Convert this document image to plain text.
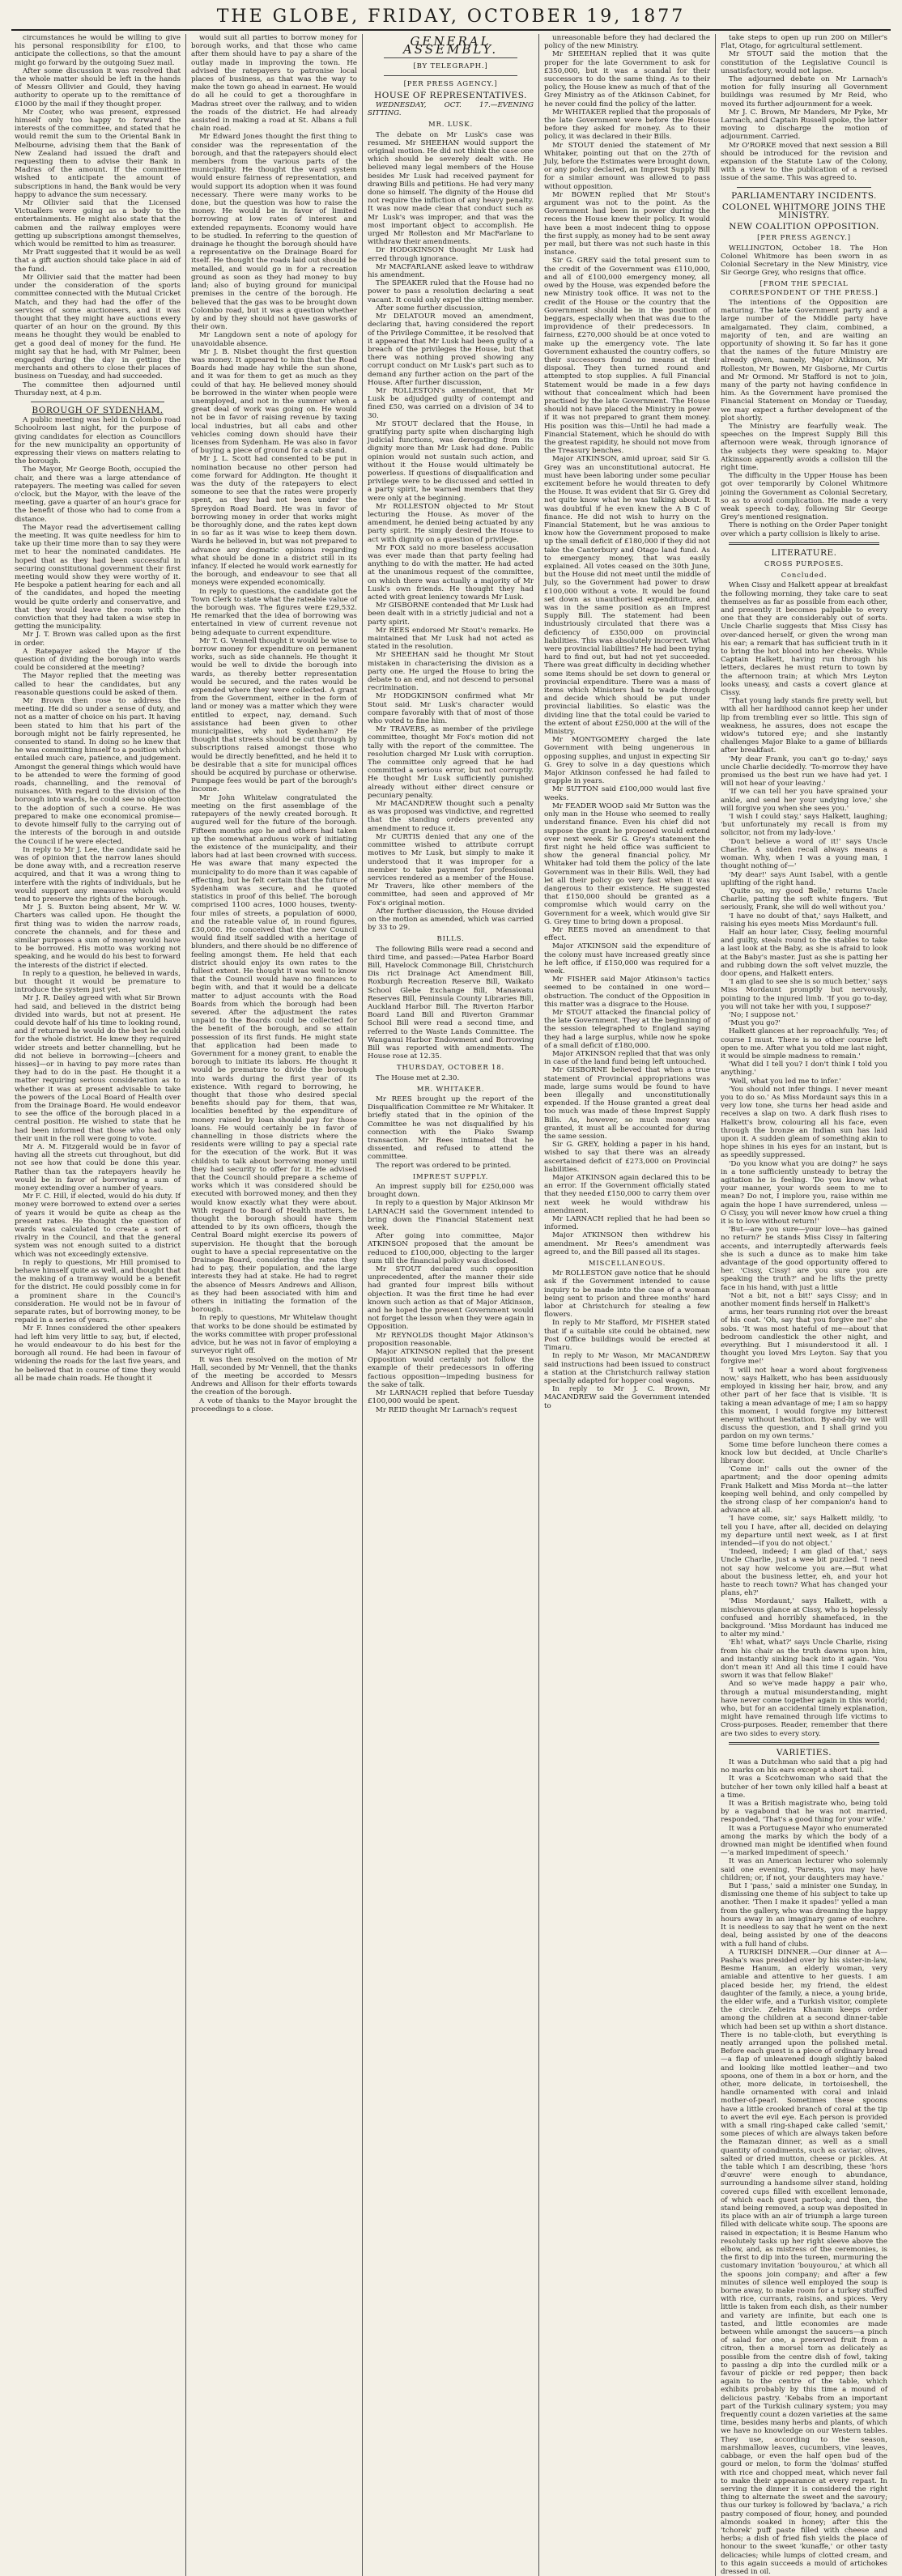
THE GLOBE, FRIDAY, OCTOBER 19, 1877

circumstances he would be willing to give his personal responsibility for £100, to anticipate the collections, so that the amount might go forward by the outgoing Suez mail.

After some discussion it was resolved that the whole matter should be left in the hands of Messrs Ollivier and Gould, they having authority to operate up to the remittance of £1000 by the mail if they thought proper.

Mr Coster, who was present, expressed himself only too happy to forward the interests of the committee, and stated that he would remit the sum to the Oriental Bank in Melbourne, advising them that the Bank of New Zealand had issued the draft and requesting them to advise their Bank in Madras of the amount. If the committee wished to anticipate the amount of subscriptions in hand, the Bank would be very happy to advance the sum necessary.

Mr Ollivier said that the Licensed Victuallers were going as a body to the entertainments. He might also state that the cabmen and the railway employes were getting up subscriptions amongst themselves, which would be remitted to him as treasurer.

Mr Pratt suggested that it would be as well that a gift auction should take place in aid of the fund.

Mr Ollivier said that the matter had been under the consideration of the sports committee connected with the Mutual Cricket Match, and they had had the offer of the services of some auctioneers, and it was thought that they might have auctions every quarter of an hour on the ground. By this means he thought they would be enabled to get a good deal of money for the fund. He might say that he had, with Mr Palmer, been engaged during the day in getting the merchants and others to close their places of business on Tuesday, and had succeeded.

The committee then adjourned until Thursday next, at 4 p.m.

BOROUGH OF SYDENHAM.

A public meeting was held in Colombo road Schoolroom last night, for the purpose of giving candidates for election as Councillors for the new municipality an opportunity of expressing their views on matters relating to the borough.

The Mayor, Mr George Booth, occupied the chair, and there was a large attendance of ratepayers. The meeting was called for seven o'clock, but the Mayor, with the leave of the meeting, gave a quarter of an hour's grace for the benefit of those who had to come from a distance.

The Mayor read the advertisement calling the meeting. It was quite needless for him to take up their time more than to say they were met to hear the nominated candidates. He hoped that as they had been successful in securing constitutional government their first meeting would show they were worthy of it. He bespoke a patient hearing for each and all of the candidates, and hoped the meeting would be quite orderly and conservative, and that they would leave the room with the conviction that they had taken a wise step in getting the municipality.

Mr J. T. Brown was called upon as the first in order.

A Ratepayer asked the Mayor if the question of dividing the borough into wards could be considered at the meeting?

The Mayor replied that the meeting was called to hear the candidates, but any reasonable questions could be asked of them.

Mr Brown then rose to address the meeting. He did so under a sense of duty, and not as a matter of choice on his part. It having been stated to him that his part of the borough might not be fairly represented, he consented to stand. In doing so he knew that he was committing himself to a position which entailed much care, patience, and judgement. Amongst the general things which would have to be attended to were the forming of good roads, channelling, and the removal of nuisances. With regard to the division of the borough into wards, he could see no objection to the adoption of such a course. He was prepared to make one economical promise—to devote himself fully to the carrying out of the interests of the borough in and outside the Council if he were elected.

In reply to Mr J. Lee, the candidate said he was of opinion that the narrow lanes should be done away with, and a recreation reserve acquired, and that it was a wrong thing to interfere with the rights of individuals, but he would support any measures which would tend to preserve the rights of the borough.

Mr J. S. Buxton being absent, Mr W. W. Charters was called upon. He thought the first thing was to widen the narrow roads, concrete the channels, and for these and similar purposes a sum of money would have to be borrowed. His motto was working not speaking, and he would do his best to forward the interests of the district if elected.

In reply to a question, he believed in wards, but thought it would be premature to introduce the system just yet.

Mr J. R. Dailey agreed with what Sir Brown had said, and believed in the district being divided into wards, but not at present. He could devote half of his time to looking round, and if returned he would do the best he could for the whole district. He knew they required wider streets and better channelling, but he did not believe in borrowing—[cheers and hisses]—or in having to pay more rates than they had to do in the past. He thought it a matter requiring serious consideration as to whether it was at present advisable to take the powers of the Local Board of Health over from the Drainage Board. He would endeavor to see the office of the borough placed in a central position. He wished to state that he had been informed that those who had only their unit in the roll were going to vote.

Mr A. M. Fitzgerald would be in favor of having all the streets cut throughout, but did not see how that could be done this year. Rather than tax the ratepayers heavily he would be in favor of borrowing a sum of money extending over a number of years.

Mr F. C. Hill, if elected, would do his duty. If money were borrowed to extend over a series of years it would be quite as cheap as the present rates. He thought the question of wards was calculated to create a sort of rivalry in the Council, and that the general system was not enough suited to a district which was not exceedingly extensive.

In reply to questions, Mr Hill promised to behave himself quite as well, and thought that the making of a tramway would be a benefit for the district. He could possibly come in for a prominent share in the Council's consideration. He would not be in favour of separate rates, but of borrowing money, to be repaid in a series of years.

Mr F. Innes considered the other speakers had left him very little to say, but, if elected, he would endeavour to do his best for the borough all round. He had been in favour of widening the roads for the last five years, and he believed that in course of time they would all be made chain roads. He thought it

would suit all parties to borrow money for borough works, and that those who came after them should have to pay a share of the outlay made in improving the town. He advised the ratepayers to patronise local places of business, as that was the way to make the town go ahead in earnest. He would do all he could to get a thoroughfare in Madras street over the railway, and to widen the roads of the district. He had already assisted in making a road at St. Albans a full chain road.

Mr Edward Jones thought the first thing to consider was the representation of the borough, and that the ratepayers should elect members from the various parts of the municipality. He thought the ward system would ensure fairness of representation, and would support its adoption when it was found necessary. There were many works to be done, but the question was how to raise the money. He would be in favor of limited borrowing at low rates of interest and extended repayments. Economy would have to be studied. In referring to the question of drainage he thought the borough should have a representative on the Drainage Board for itself. He thought the roads laid out should be metalled, and would go in for a recreation ground as soon as they had money to buy land; also of buying ground for municipal premises in the centre of the borough. He believed that the gas was to be brought down Colombo road, but it was a question whether by and by they should not have gasworks of their own.

Mr Langdown sent a note of apology for unavoidable absence.

Mr J. B. Nisbet thought the first question was money. It appeared to him that the Road Boards had made hay while the sun shone, and it was for them to get as much as they could of that hay. He believed money should be borrowed in the winter when people were unemployed, and not in the summer when a great deal of work was going on. He would not be in favor of raising revenue by taxing local industries, but all cabs and other vehicles coming down should have their licenses from Sydenham. He was also in favor of buying a piece of ground for a cab stand.

Mr J. L. Scott had consented to be put in nomination because no other person had come forward for Addington. He thought it was the duty of the ratepayers to elect someone to see that the rates were properly spent, as they had not been under the Spreydon Road Board. He was in favor of borrowing money in order that works might be thoroughly done, and the rates kept down in so far as it was wise to keep them down. Wards he believed in, but was not prepared to advance any dogmatic opinions regarding what should be done in a district still in its infancy. If elected he would work earnestly for the borough, and endeavour to see that all moneys were expended economically.

In reply to questions, the candidate got the Town Clerk to state what the rateable value of the borough was. The figures were £29,532. He remarked that the idea of borrowing was entertained in view of current revenue not being adequate to current expenditure.

Mr T. G. Vennell thought it would be wise to borrow money for expenditure on permanent works, such as side channels. He thought it would be well to divide the borough into wards, as thereby better representation would be secured, and the rates would be expended where they were collected. A grant from the Government, either in the form of land or money was a matter which they were entitled to expect, nay, demand. Such assistance had been given to other municipalities, why not Sydenham? He thought that streets should be cut through by subscriptions raised amongst those who would be directly benefitted, and he held it to be desirable that a site for municipal offices should be acquired by purchase or otherwise. Pumpage fees would be part of the borough's income.

Mr John Whitelaw congratulated the meeting on the first assemblage of the ratepayers of the newly created borough. It augured well for the future of the borough. Fifteen months ago he and others had taken up the somewhat arduous work of initiating the existence of the municipality, and their labors had at last been crowned with success. He was aware that many expected the municipality to do more than it was capable of effecting, but he felt certain that the future of Sydenham was secure, and he quoted statistics in proof of this belief. The borough comprised 1100 acres, 1000 houses, twenty-four miles of streets, a population of 6000, and the rateable value of, in round figures, £30,000. He conceived that the new Council would find itself saddled with a heritage of blunders, and there should be no difference of feeling amongst them. He held that each district should enjoy its own rates to the fullest extent. He thought it was well to know that the Council would have no finances to begin with, and that it would be a delicate matter to adjust accounts with the Road Boards from which the borough had been severed. After the adjustment the rates unpaid to the Boards could be collected for the benefit of the borough, and so attain possession of its first funds. He might state that application had been made to Government for a money grant, to enable the borough to initiate its labors. He thought it would be premature to divide the borough into wards during the first year of its existence. With regard to borrowing, he thought that those who desired special benefits should pay for them, that was, localities benefited by the expenditure of money raised by loan should pay for those loans. He would certainly be in favor of channelling in those districts where the residents were willing to pay a special rate for the execution of the work. But it was childish to talk about borrowing money until they had security to offer for it. He advised that the Council should prepare a scheme of works which it was considered should be executed with borrowed money, and then they would know exactly what they were about. With regard to Board of Health matters, he thought the borough should have them attended to by its own officers, though the Central Board might exercise its powers of supervision. He thought that the borough ought to have a special representative on the Drainage Board, considering the rates they had to pay, their population, and the large interests they had at stake. He had to regret the absence of Messrs Andrews and Allison, as they had been associated with him and others in initiating the formation of the borough.

In reply to questions, Mr Whitelaw thought that works to be done should be estimated by the works committee with proper professional advice, but he was not in favor of employing a surveyor right off.

It was then resolved on the motion of Mr Hall, seconded by Mr Vennell, that the thanks of the meeting be accorded to Messrs Andrews and Allison for their efforts towards the creation of the borough.

A vote of thanks to the Mayor brought the proceedings to a close.

GENERAL ASSEMBLY.

[BY TELEGRAPH.]

[PER PRESS AGENCY.]

HOUSE OF REPRESENTATIVES.

WEDNESDAY, OCT. 17.—EVENING SITTING.

MR. LUSK.

The debate on Mr Lusk's case was resumed. Mr SHEEHAN would support the original motion. He did not think the case one which should be severely dealt with. He believed many legal members of the House besides Mr Lusk had received payment for drawing Bills and petitions. He had very many done so himself. The dignity of the House did not require the infliction of any heavy penalty. It was now made clear that conduct such as Mr Lusk's was improper, and that was the most important object to accomplish. He urged Mr Rolleston and Mr MacFarlane to withdraw their amendments.

Dr HODGKINSON thought Mr Lusk had erred through ignorance.

Mr MACFARLANE asked leave to withdraw his amendment.

The SPEAKER ruled that the House had no power to pass a resolution declaring a seat vacant. It could only expel the sitting member.

After some further discussion,

Mr DELATOUR moved an amendment, declaring that, having considered the report of the Privilege Committee, it be resolved that it appeared that Mr Lusk had been guilty of a breach of the privileges the House, but that there was nothing proved showing any corrupt conduct on Mr Lusk's part such as to demand any further action on the part of the House. After further discussion,

Mr ROLLESTON's amendment, that Mr Lusk be adjudged guilty of contempt and fined £50, was carried on a division of 34 to 30.

Mr STOUT declared that the House, in gratifying party spite when discharging high judicial functions, was derogating from its dignity more than Mr Lusk had done. Public opinion would not sustain such action, and without it the House would ultimately be powerless. If questions of disqualification and privilege were to be discussed and settled in a party spirit, he warned members that they were only at the beginning.

Mr ROLLESTON objected to Mr Stout lecturing the House. As mover of the amendment, he denied being actuated by any party spirit. He simply desired the House to act with dignity on a question of privilege.

Mr FOX said no more baseless accusation was ever made than that party feeling had anything to do with the matter. He had acted at the unanimous request of the committee, on which there was actually a majority of Mr Lusk's own friends. He thought they had acted with great leniency towards Mr Lusk.

Mr GISBORNE contended that Mr Lusk had been dealt with in a strictly judicial and not a party spirit.

Mr REES endorsed Mr Stout's remarks. He maintained that Mr Lusk had not acted as stated in the resolution.

Mr SHEEHAN said he thought Mr Stout mistaken in characterising the division as a party one. He urged the House to bring the debate to an end, and not descend to personal recrimination.

Mr HODGKINSON confirmed what Mr Stout said. Mr Lusk's character would compare favorably with that of most of those who voted to fine him.

Mr TRAVERS, as member of the privilege committee, thought Mr Fox's motion did not tally with the report of the committee. The resolution charged Mr Lusk with corruption. The committee only agreed that he had committed a serious error, but not corruptly. He thought Mr Lusk sufficiently punished already without either direct censure or pecuniary penalty.

Mr MACANDREW thought such a penalty as was proposed was vindictive, and regretted that the standing orders prevented any amendment to reduce it.

Mr CURTIS denied that any one of the committee wished to attribute corrupt motives to Mr Lusk, but simply to make it understood that it was improper for a member to take payment for professional services rendered as a member of the House. Mr Travers, like other members of the committee, had seen and approved of Mr Fox's original motion.

After further discussion, the House divided on the motion as amended, which was carried by 33 to 29.

BILLS.

The following Bills were read a second and third time, and passed:—Patea Harbor Board Bill, Havelock Commonage Bill, Christchurch Dis rict Drainage Act Amendment Bill, Roxburgh Recreation Reserve Bill, Waikato School Glebe Exchange Bill, Manawatu Reserves Bill, Peninsula County Libraries Bill, Auckland Harbor Bill. The Riverton Harbor Board Land Bill and Riverton Grammar School Bill were read a second time, and referred to the Waste Lands Committee. The Wanganui Harbor Endowment and Borrowing Bill was reported with amendments. The House rose at 12.35.

THURSDAY, OCTOBER 18.

The House met at 2.30.

MR. WHITAKER.

Mr REES brought up the report of the Disqualification Committee re Mr Whitaker. It briefly stated that in the opinion of the Committee he was not disqualified by his connection with the Piako Swamp transaction. Mr Rees intimated that he dissented, and refused to attend the committee.

The report was ordered to be printed.

IMPREST SUPPLY.

An imprest supply bill for £250,000 was brought down.

In reply to a question by Major Atkinson Mr LARNACH said the Government intended to bring down the Financial Statement next week.

After going into committee, Major ATKINSON proposed that the amount be reduced to £100,000, objecting to the larger sum till the financial policy was disclosed.

Mr STOUT declared such opposition unprecedented, after the manner their side had granted four imprest bills without objection. It was the first time he had ever known such action as that of Major Atkinson, and he hoped the present Government would not forget the lesson when they were again in Opposition.

Mr REYNOLDS thought Major Atkinson's proposition reasonable.

Major ATKINSON replied that the present Opposition would certainly not follow the example of their predecessors in offering factious opposition—impeding business for the sake of talk.

Mr LARNACH replied that before Tuesday £100,000 would be spent.

Mr REID thought Mr Larnach's request

unreasonable before they had declared the policy of the new Ministry.

Mr SHEEHAN replied that it was quite proper for the late Government to ask for £350,000, but it was a scandal for their successors to do the same thing. As to their policy, the House knew as much of that of the Grey Ministry as of the Atkinson Cabinet, for he never could find the policy of the latter.

Mr WHITAKER replied that the proposals of the late Government were before the House before they asked for money. As to their policy, it was declared in their Bills.

Mr STOUT denied the statement of Mr Whitaker, pointing out that on the 27th of July, before the Estimates were brought down, or any policy declared, an Imprest Supply Bill for a similar amount was allowed to pass without opposition.

Mr BOWEN replied that Mr Stout's argument was not to the point. As the Government had been in power during the recess the House knew their policy. It would have been a most indecent thing to oppose the first supply, as money had to be sent away per mail, but there was not such haste in this instance.

Sir G. GREY said the total present sum to the credit of the Government was £110,000, and all of £100,000 emergency money, all owed by the House, was expended before the new Ministry took office. It was not to the credit of the House or the country that the Government should be in the position of beggars, especially when that was due to the improvidence of their predecessors. In fairness, £270,000 should be at once voted to make up the emergency vote. The late Government exhausted the country coffers, so their successors found no means at their disposal. They then turned round and attempted to stop supplies. A full Financial Statement would be made in a few days without that concealment which had been practised by the late Government. The House should not have placed the Ministry in power if it was not prepared to grant them money. His position was this—Until he had made a Financial Statement, which he should do with the greatest rapidity, he should not move from the Treasury benches.

Major ATKINSON, amid uproar, said Sir G. Grey was an unconstitutional autocrat. He must have been laboring under some peculiar excitement before he would threaten to defy the House. It was evident that Sir G. Grey did not quite know what he was talking about. It was doubtful if he even knew the A B C of finance. He did not wish to hurry on the Financial Statement, but he was anxious to know how the Government proposed to make up the small deficit of £180,000 if they did not take the Canterbury and Otago land fund. As to emergency money, that was easily explained. All votes ceased on the 30th June, but the House did not meet until the middle of July, so the Government had power to draw £100,000 without a vote. It would be found set down as unauthorised expenditure, and was in the same position as an Imprest Supply Bill. The statement had been industriously circulated that there was a deficiency of £350,000 on provincial liabilities. This was absolutely incorrect. What were provincial liabilities? He had been trying hard to find out, but had not yet succeeded. There was great difficulty in deciding whether some items should be set down to general or provincial expenditure. There was a mass of items which Ministers had to wade through and decide which should be put under provincial liabilities. So elastic was the dividing line that the total could be varied to the extent of about £250,000 at the will of the Ministry.

Mr MONTGOMERY charged the late Government with being ungenerous in opposing supplies, and unjust in expecting Sir G. Grey to solve in a day questions which Major Atkinson confessed he had failed to grapple in years.

Mr SUTTON said £100,000 would last five weeks.

Mr FEADER WOOD said Mr Sutton was the only man in the House who seemed to really understand finance. Even his chief did not suppose the grant he proposed would extend over next week. Sir G. Grey's statement the first night he held office was sufficient to show the general financial policy. Mr Whitaker had told them the policy of the late Government was in their Bills. Well, they had let all their policy go very fast when it was dangerous to their existence. He suggested that £150,000 should be granted as a compromise which would carry on the Government for a week, which would give Sir G. Grey time to bring down a proposal.

Mr REES moved an amendment to that effect.

Major ATKINSON said the expenditure of the colony must have increased greatly since he left office, if £150,000 was required for a week.

Mr FISHER said Major Atkinson's tactics seemed to be contained in one word—obstruction. The conduct of the Opposition in this matter was a disgrace to the House.

Mr STOUT attacked the financial policy of the late Government. They at the beginning of the session telegraphed to England saying they had a large surplus, while now he spoke of a small deficit of £180,000.

Major ATKINSON replied that that was only in case of the land fund being left untouched.

Mr GISBORNE believed that when a true statement of Provincial appropriations was made, large sums would be found to have been illegally and unconstitutionally expended. If the House granted a great deal too much was made of these Imprest Supply Bills. As, however, so much money was granted, it must all be accounted for during the same session.

Sir G. GREY, holding a paper in his hand, wished to say that there was an already ascertained deficit of £273,000 on Provincial liabilities.

Major ATKINSON again declared this to be an error. If the Government officially stated that they needed £150,000 to carry them over next week he would withdraw his amendment.

Mr LARNACH replied that he had been so informed.

Major ATKINSON then withdrew his amendment. Mr Rees's amendment was agreed to, and the Bill passed all its stages.

MISCELLANEOUS.

Mr ROLLESTON gave notice that he should ask if the Government intended to cause inquiry to be made into the case of a woman being sent to prison and three months' hard labor at Christchurch for stealing a few flowers.

In reply to Mr Stafford, Mr FISHER stated that if a suitable site could be obtained, new Post Office buildings would be erected at Timaru.

In reply to Mr Wason, Mr MACANDREW said instructions had been issued to construct a station at the Christchurch railway station specially adapted for hopper coal wagons.

In reply to Mr J. C. Brown, Mr MACANDREW said the Government intended to

take steps to open up run 200 on Miller's Flat, Otago, for agricultural settlement.

Mr STOUT said the motion that the constitution of the Legislative Council is unsatisfactory, would not lapse.

The adjourned debate on Mr Larnach's motion for fully insuring all Government buildings was resumed by Mr Reid, who moved its further adjournment for a week.

Mr J. C. Brown, Mr Manders, Mr Pyke, Mr Larnach, and Captain Russell spoke, the latter moving to discharge the motion of adjournment. Carried.

Mr O'RORKE moved that next session a Bill should be introduced for the revision and expansion of the Statute Law of the Colony, with a view to the publication of a revised issue of the same. This was agreed to.

PARLIAMENTARY INCIDENTS.

COLONEL WHITMORE JOINS THE MINISTRY.

NEW COALITION OPPOSITION.

[PER PRESS AGENCY.]

WELLINGTON, October 18. The Hon Colonel Whitmore has been sworn in as Colonial Secretary in the New Ministry, vice Sir George Grey, who resigns that office.

[FROM THE SPECIAL CORRESPONDENT OF THE PRESS.]

The intentions of the Opposition are maturing. The late Government party and a large number of the Middle party have amalgamated. They claim, combined, a majority of ten, and are waiting an opportunity of showing it. So far has it gone that the names of the future Ministry are already given, namely, Major Atkinson, Mr Rolleston, Mr Bowen, Mr Gisborne, Mr Curtis and Mr Ormond. Mr Stafford is not to join, many of the party not having confidence in him. As the Government have promised the Financial Statement on Monday or Tuesday, we may expect a further development of the plot shortly.

The Ministry are fearfully weak. The speeches on the Imprest Supply Bill this afternoon were weak, through ignorance of the subjects they were speaking to. Major Atkinson apparently avoids a collision till the right time.

The difficulty in the Upper House has been got over temporarily by Colonel Whitmore joining the Government as Colonial Secretary, so as to avoid complication. He made a very weak speech to-day, following Sir George Grey's mentioned resignation.

There is nothing on the Order Paper tonight over which a party collision is likely to arise.

LITERATURE.

CROSS PURPOSES.

Concluded.

When Cissy and Halkett appear at breakfast the following morning, they take care to seat themselves as far as possible from each other, and presently it becomes palpable to every one that they are considerably out of sorts. Uncle Charlie suggests that Miss Cissy has over-danced herself, or given the wrong man his ear; a remark that has sufficient truth in it to bring the hot blood into her cheeks. While Captain Halkett, having run through his letters, declares he must return to town by the afternoon train; at which Mrs Leyton looks uneasy, and casts a covert glance at Cissy.

'That young lady stands fire pretty well, but with all her hardihood cannot keep her under lip from trembling ever so little. This sign of weakness, he assures, does not escape the widow's tutored eye; and she instantly challenges Major Blake to a game of billiards after breakfast.

'My dear Frank, you can't go to-day,' says uncle Charlie decidedly. 'To-morrow they have promised us the best run we have had yet. I will not hear of your leaving.'

'If we can tell her you have sprained your ankle, and send her your undying love,' she will forgive you when she sees you.'

'I wish I could stay,' says Halkett, laughing; 'but unfortunately my recall is from my solicitor, not from my lady-love.'

'Don't believe a word of it!' says Uncle Charlie. A sudden recall always means a woman. Why, when I was a young man, I thought nothing of—'

'My dear!' says Aunt Isabel, with a gentle uplifting of the right hand.

'Quite so, my good Belle,' returns Uncle Charlie, patting the soft white fingers. 'But seriously, Frank, she will do well without you.'

'I have no doubt of that,' says Halkett, and raising his eyes meets Miss Mordaunt's full.

Half an hour later, Cissy, feeling mournful and guilty, steals round to the stables to take a last look at the Baby, as she is afraid to look at the Baby's master. Just as she is patting her and rubbing down the soft velvet muzzle, the door opens, and Halkett enters.

'I am glad to see she is so much better,' says Miss Mordaunt promptly but nervously, pointing to the injured limb. 'If you go to-day, you will not take her with you, I suppose?'

'No; I suppose not.'

'Must you go?'

Halkett glances at her reproachfully. 'Yes; of course I must. There is no other course left open to me. After what you told me last night, it would be simple madness to remain.'

'What did I tell you? I don't think I told you anything.'

'Well, what you led me to infer.'

'You should not infer things. I never meant you to do so.' As Miss Mordaunt says this in a very low tone, she turns her head aside and receives a slap on two. A dark flush rises to Halkett's brow, colouring all his face, even through the bronze an Indian sun has laid upon it. A sudden gleam of something akin to hope shines in his eyes for an instant, but is as speedily suppressed.

'Do you know what you are doing?' he says in a tone sufficiently unsteady to betray the agitation he is feeling. 'Do you know what your manner, your words seem to me to mean? Do not, I implore you, raise within me again the hope I have surrendered, unless — O Cissy, you will never know how cruel a thing it is to love without return!'

'But—are you sure—your love—has gained no return?' he stands Miss Cissy in faltering accents, and interruptedly afterwards feels she is such a dunce as to make him take advantage of the good opportunity offered to her. 'Cissy, Cissy! are you sure you are speaking the truth?' and he lifts the pretty face in his hand, with just a little

'Not a bit, not a bit!' says Cissy; and in another moment finds herself in Halkett's

arms, her tears running riot over the breast of his coat. 'Oh, say that you forgive me!' she sobs. 'It was most hateful of me—about that bedroom candlestick the other night, and everything. But I misunderstood it all. I thought you loved Mrs Leyton. Say that you forgive me!'

'I will not hear a word about forgiveness now,' says Halkett, who has been assiduously employed in kissing her hair, brow, and any other part of her face that is visible. 'It is taking a mean advantage of me; I am so happy this moment, I would forgive my bitterest enemy without hesitation. By-and-by we will discuss the question, and I shall grind you pardon on my own terms.'

Some time before luncheon there comes a knock low but decided, at Uncle Charlie's library door.

'Come in!' calls out the owner of the apartment; and the door opening admits Frank Halkett and Miss Morda nt—the latter keeping well behind, and only compelled by the strong clasp of her companion's hand to advance at all.

'I have come, sir,' says Halkett mildly, 'to tell you I have, after all, decided on delaying my departure until next week, as I at first intended—if you do not object.'

'Indeed, indeed; I am glad of that,' says Uncle Charlie, just a wee bit puzzled. 'I need not say how welcome you are.—But what about the business letter, eh, and your hot haste to reach town? What has changed your plans, eh?'

'Miss Mordaunt,' says Halkett, with a mischievous glance at Cissy, who is hopelessly confused and horribly shamefaced, in the background. 'Miss Mordaunt has induced me to alter my mind.'

'Eh! what, what?' says Uncle Charlie, rising from his chair as the truth dawns upon him, and instantly sinking back into it again. 'You don't mean it! And all this time I could have sworn it was that fellow Blake!'

And so we've made happy a pair who, through a mutual misunderstanding, might have never come together again in this world; who, but for an accidental timely explanation, might have remained through life victims to Cross-purposes. Reader, remember that there are two sides to every story.

VARIETIES.

It was a Dutchman who said that a pig had no marks on his ears except a short tail.

It was a Scotchwoman who said that the butcher of her town only killed half a beast at a time.

It was a British magistrate who, being told by a vagabond that he was not married, responded, 'That's a good thing for your wife.'

It was a Portuguese Mayor who enumerated among the marks by which the body of a drowned man might be identified when found—'a marked impediment of speech.'

It was an American lecturer who solemnly said one evening, 'Parents, you may have children; or, if not, your daughters may have.'

But I 'pass,' said a minister one Sunday, in dismissing one theme of his subject to take up another. 'Then I make it spades!' yelled a man from the gallery, who was dreaming the happy hours away in an imaginary game of euchre. It is needless to say that he went on the next deal, being assisted by one of the deacons with a full hand of clubs.

A TURKISH DINNER.—Our dinner at A— Pasha's was presided over by his sister-in-law, Besme Hanum, an elderly woman, very amiable and attentive to her guests. I am placed beside her, my friend, the eldest daughter of the family, a niece, a young bride, the elder wife, and a Turkish visitor, complete the circle. Zeheira Khanum keeps order among the children at a second dinner-table which had been set up within a short distance. There is no table-cloth, but everything is neatly arranged upon the polished metal. Before each guest is a piece of ordinary bread—a flap of unleavened dough slightly baked and looking like mottled leather—and two spoons, one of them in a box or horn, and the other, more delicate, in tortoiseshell, the handle ornamented with coral and inlaid mother-of-pearl. Sometimes these spoons have a little crooked branch of coral at the tip to avert the evil eye. Each person is provided with a small ring-shaped cake called 'semit,' some pieces of which are always taken before the Ramazan dinner, as well as a small quantity of condiments, such as caviar, olives, salted or dried mutton, cheese or pickles. At the table which I am describing, these 'hors d'œuvre' were enough to abundance, surrounding a handsome silver stand, holding covered cups filled with excellent lemonade, of which each guest partook; and then, the stand being removed, a soup was deposited in its place with an air of triumph a large tureen filled with delicate white soup. The spoons are raised in expectation; it is Besme Hanum who resolutely tasks up her right sleeve above the elbow, and, as mistress of the ceremonies, is the first to dip into the tureen, murmuring the customary invitation 'bouyourou,' at which all the spoons join company; and after a few minutes of silence well employed the soup is borne away, to make room for a turkey stuffed with rice, currants, raisins, and spices. Very little is taken from each dish, as their number and variety are infinite, but each one is tasted, and little economies are made between while amongst the saucers—a pinch of salad for one, a preserved fruit from a citron, then a morsel torn as delicately as possible from the centre dish of fowl, taking to passing a dip into the curdled milk or a favour of pickle or red pepper; then back again to the centre of the table, which exhibits probably by this time a mound of delicious pastry. 'Kebabs from an important part of the Turkish culinary system; you may frequently count a dozen varieties at the same time, besides many herbs and plants, of which we have no knowledge on our Western tables. They use, according to the season, marshmallow leaves, cucumbers, vine leaves, cabbage, or even the half open bud of the gourd or melon, to form the 'dolmas' stuffed with rice and chopped meat, which never fail to make their appearance at every repast. In serving the dinner it is considered the right thing to alternate the sweet and the savoury; thus our turkey is followed by 'baclava,' a rich pastry composed of flour, honey, and pounded almonds soaked in honey; after this the 'tchorek' puff paste filled with cheese and herbs; a dish of fried fish yields the place of honour to the sweet 'kunaffe,' or other tasty delicacies; while lumps of clotted cream, and to this again succeeds a mould of artichokes dressed in oil.
